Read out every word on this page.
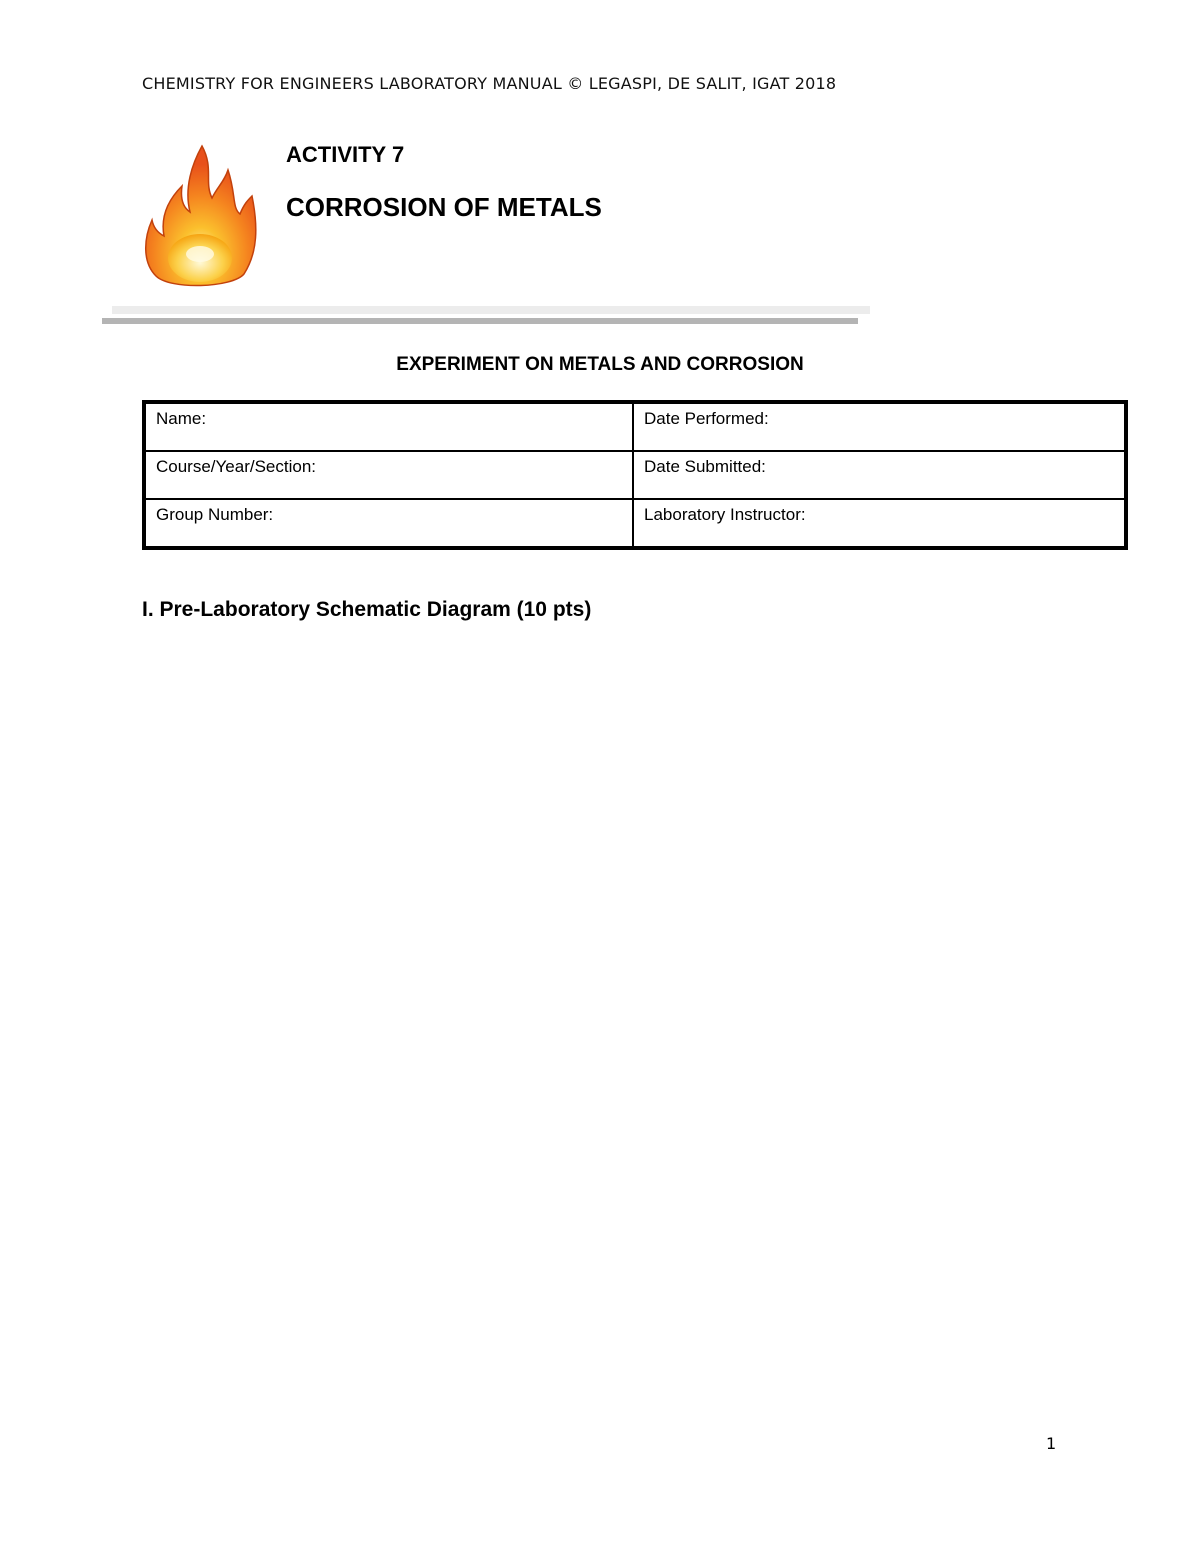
CHEMISTRY FOR ENGINEERS LABORATORY MANUAL © LEGASPI, DE SALIT, IGAT 2018
ACTIVITY 7
CORROSION OF METALS
EXPERIMENT ON METALS AND CORROSION
Name:	Date Performed:
Course/Year/Section:	Date Submitted:
Group Number:	Laboratory Instructor:
I. Pre-Laboratory Schematic Diagram (10 pts)
1
